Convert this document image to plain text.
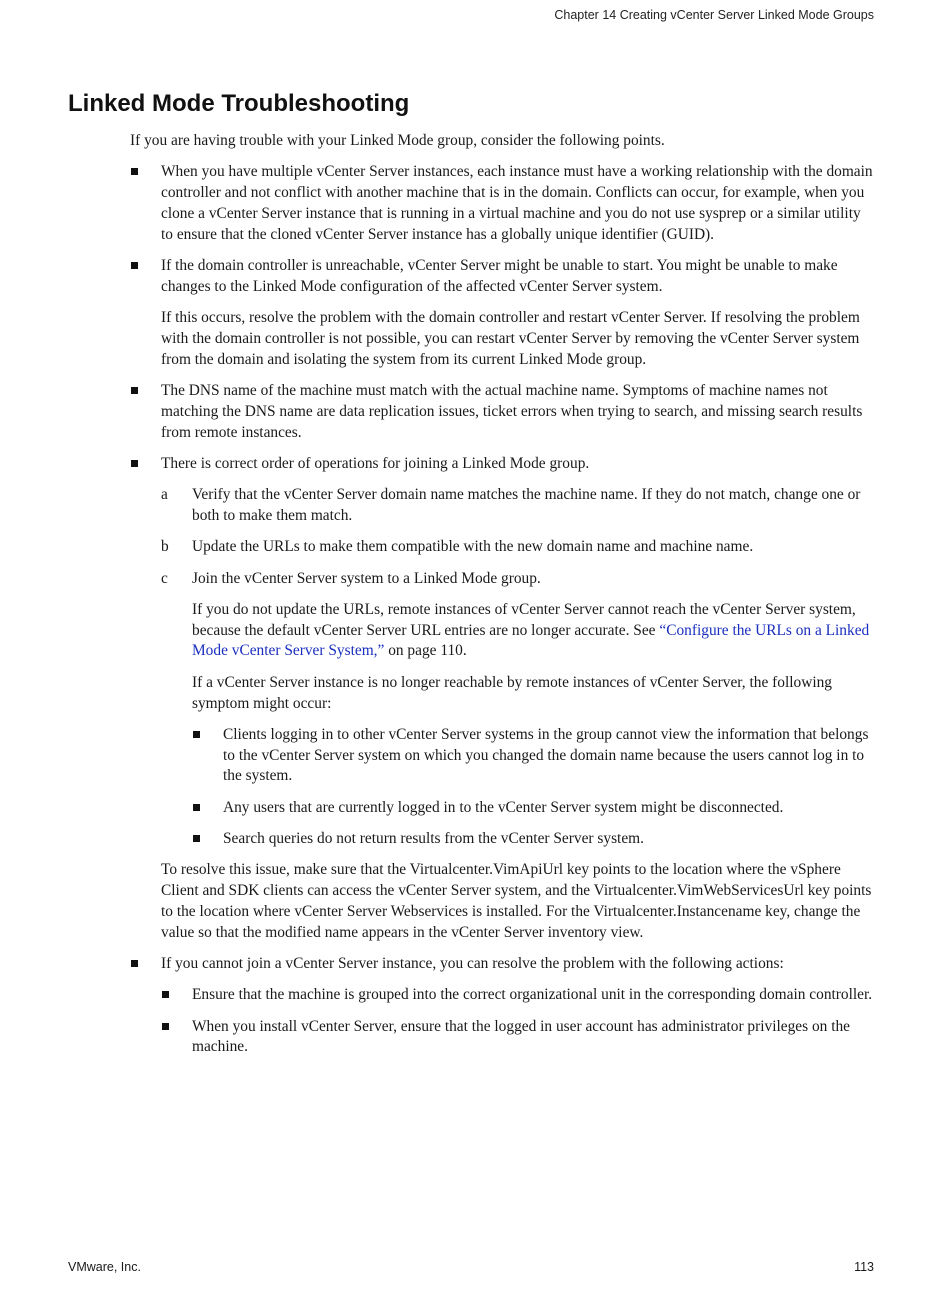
Chapter 14 Creating vCenter Server Linked Mode Groups
Linked Mode Troubleshooting

If you are having trouble with your Linked Mode group, consider the following points.

When you have multiple vCenter Server instances, each instance must have a working relationship with the domain controller and not conflict with another machine that is in the domain. Conflicts can occur, for example, when you clone a vCenter Server instance that is running in a virtual machine and you do not use sysprep or a similar utility to ensure that the cloned vCenter Server instance has a globally unique identifier (GUID).

If the domain controller is unreachable, vCenter Server might be unable to start. You might be unable to make changes to the Linked Mode configuration of the affected vCenter Server system.

If this occurs, resolve the problem with the domain controller and restart vCenter Server. If resolving the problem with the domain controller is not possible, you can restart vCenter Server by removing the vCenter Server system from the domain and isolating the system from its current Linked Mode group.

The DNS name of the machine must match with the actual machine name. Symptoms of machine names not matching the DNS name are data replication issues, ticket errors when trying to search, and missing search results from remote instances.

There is correct order of operations for joining a Linked Mode group.

a Verify that the vCenter Server domain name matches the machine name. If they do not match, change one or both to make them match.

b Update the URLs to make them compatible with the new domain name and machine name.

c Join the vCenter Server system to a Linked Mode group.

If you do not update the URLs, remote instances of vCenter Server cannot reach the vCenter Server system, because the default vCenter Server URL entries are no longer accurate. See “Configure the URLs on a Linked Mode vCenter Server System,” on page 110.

If a vCenter Server instance is no longer reachable by remote instances of vCenter Server, the following symptom might occur:

Clients logging in to other vCenter Server systems in the group cannot view the information that belongs to the vCenter Server system on which you changed the domain name because the users cannot log in to the system.

Any users that are currently logged in to the vCenter Server system might be disconnected.

Search queries do not return results from the vCenter Server system.

To resolve this issue, make sure that the Virtualcenter.VimApiUrl key points to the location where the vSphere Client and SDK clients can access the vCenter Server system, and the Virtualcenter.VimWebServicesUrl key points to the location where vCenter Server Webservices is installed. For the Virtualcenter.Instancename key, change the value so that the modified name appears in the vCenter Server inventory view.

If you cannot join a vCenter Server instance, you can resolve the problem with the following actions:

Ensure that the machine is grouped into the correct organizational unit in the corresponding domain controller.

When you install vCenter Server, ensure that the logged in user account has administrator privileges on the machine.

VMware, Inc.	113
